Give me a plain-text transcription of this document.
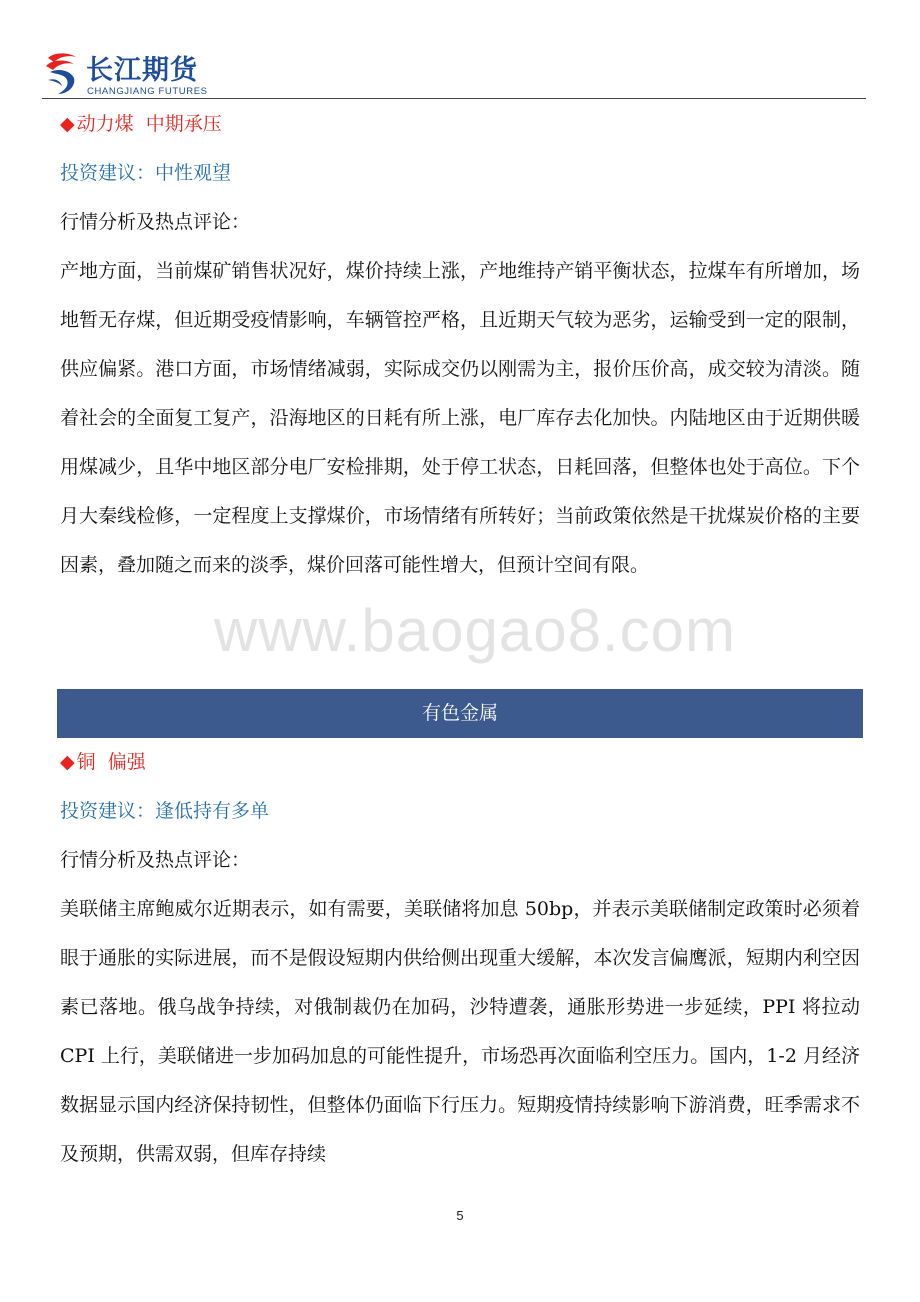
长江期货
CHANGJIANG FUTURES
www.baogao8.com
◆ 动力煤  中期承压
投资建议：中性观望
行情分析及热点评论：
产地方面，当前煤矿销售状况好，煤价持续上涨，产地维持产销平衡状态，拉煤车有所增加，场地暂无存煤，但近期受疫情影响，车辆管控严格，且近期天气较为恶劣，运输受到一定的限制，供应偏紧。港口方面，市场情绪减弱，实际成交仍以刚需为主，报价压价高，成交较为清淡。随着社会的全面复工复产，沿海地区的日耗有所上涨，电厂库存去化加快。内陆地区由于近期供暖用煤减少，且华中地区部分电厂安检排期，处于停工状态，日耗回落，但整体也处于高位。下个月大秦线检修，一定程度上支撑煤价，市场情绪有所转好；当前政策依然是干扰煤炭价格的主要因素，叠加随之而来的淡季，煤价回落可能性增大，但预计空间有限。
有色金属
◆ 铜  偏强
投资建议：逢低持有多单
行情分析及热点评论：
美联储主席鲍威尔近期表示，如有需要，美联储将加息 50bp，并表示美联储制定政策时必须着眼于通胀的实际进展，而不是假设短期内供给侧出现重大缓解，本次发言偏鹰派，短期内利空因素已落地。俄乌战争持续，对俄制裁仍在加码，沙特遭袭，通胀形势进一步延续，PPI 将拉动 CPI 上行，美联储进一步加码加息的可能性提升，市场恐再次面临利空压力。国内，1-2 月经济数据显示国内经济保持韧性，但整体仍面临下行压力。短期疫情持续影响下游消费，旺季需求不及预期，供需双弱，但库存持续
5
